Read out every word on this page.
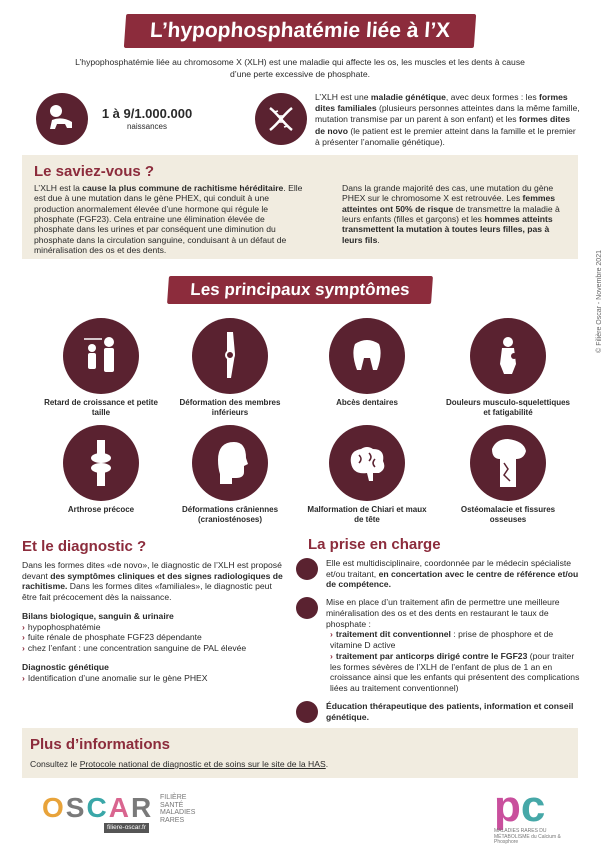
L’hypophosphatémie liée à l’X
L’hypophosphatémie liée au chromosome X (XLH) est une maladie qui affecte les os, les muscles et les dents à cause d’une perte excessive de phosphate.
1 à 9/1.000.000
naissances
L’XLH est une maladie génétique, avec deux formes : les formes dites familiales (plusieurs personnes atteintes dans la même famille, mutation transmise par un parent à son enfant) et les formes dites de novo (le patient est le premier atteint dans la famille et le premier à présenter l’anomalie génétique).
Le saviez-vous ?
L’XLH est la cause la plus commune de rachitisme héréditaire. Elle est due à une mutation dans le gène PHEX, qui conduit à une production anormalement élevée d’une hormone qui régule le phosphate (FGF23). Cela entraine une élimination élevée de phosphate dans les urines et par conséquent une diminution du phosphate dans la circulation sanguine, conduisant à un défaut de minéralisation des os et des dents.
Dans la grande majorité des cas, une mutation du gène PHEX sur le chromosome X est retrouvée. Les femmes atteintes ont 50% de risque de transmettre la maladie à leurs enfants (filles et garçons) et les hommes atteints transmettent la mutation à toutes leurs filles, pas à leurs fils.
Les principaux symptômes
Retard de croissance et petite taille
Déformation des membres inférieurs
Abcès dentaires	Douleurs musculo-squelettiques et fatigabilité
Arthrose précoce	Déformations crâniennes (craniosténoses)
Malformation de Chiari et maux de tête
Ostéomalacie et fissures osseuses
© Filière Oscar - Novembre 2021
Et le diagnostic ?
Dans les formes dites «de novo», le diagnostic de l’XLH est proposé devant des symptômes cliniques et des signes radiologiques de rachitisme. Dans les formes dites «familiales», le diagnostic peut être fait précocement dès la naissance.
Bilans biologique, sanguin & urinaire
› hypophosphatémie
› fuite rénale de phosphate FGF23 dépendante
› chez l’enfant : une concentration sanguine de PAL élevée
Diagnostic génétique
› Identification d’une anomalie sur le gène PHEX
La prise en charge
Elle est multidisciplinaire, coordonnée par le médecin spécialiste et/ou traitant, en concertation avec le centre de référence et/ou de compétence.
Mise en place d’un traitement afin de permettre une meilleure minéralisation des os et des dents en restaurant le taux de phosphate :
› traitement dit conventionnel : prise de phosphore et de vitamine D active
› traitement par anticorps dirigé contre le FGF23 (pour traiter les formes sévères de l’XLH de l’enfant de plus de 1 an en croissance ainsi que les enfants qui présentent des complications liées au traitement conventionnel)
Éducation thérapeutique des patients, information et conseil génétique.
Plus d’informations

Consultez le Protocole national de diagnostic et de soins sur le site de la HAS.

OSCAR FILIÈRE
SANTÉ
MALADIES
RARES
filiere-oscar.fr	pc
MALADIES RARES DU MÉTABOLISME du Calcium & Phosphore
